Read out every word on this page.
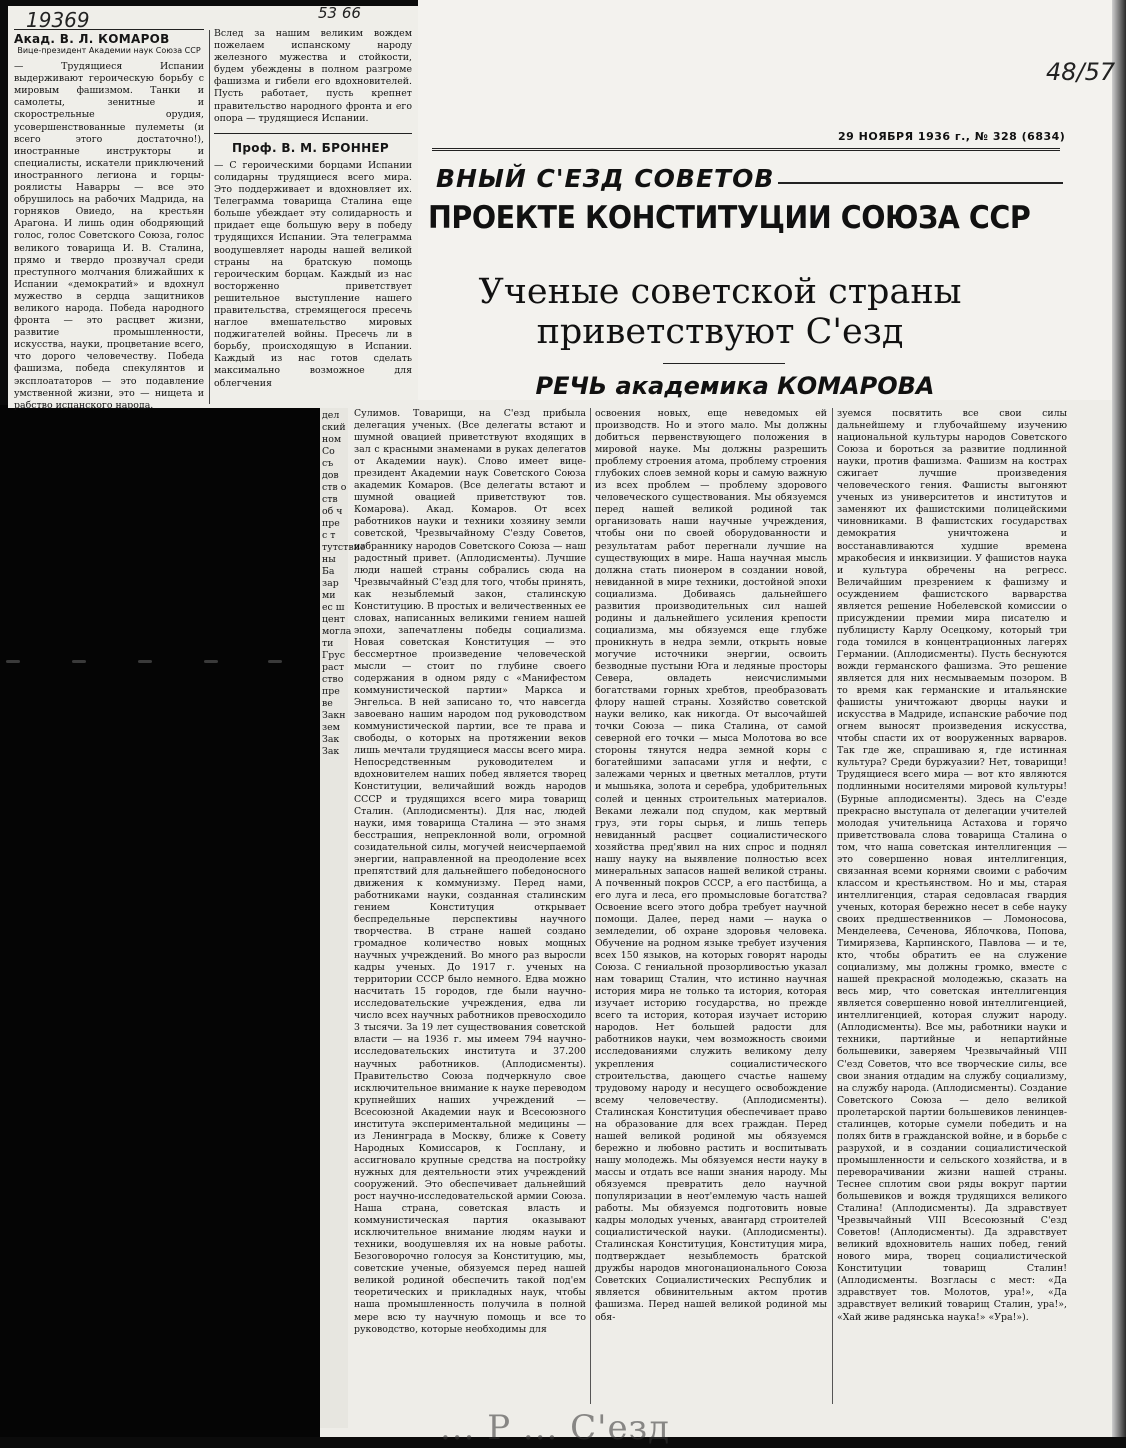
19369
Акад. В. Л. КОМАРОВ
Вице-президент Академии наук Союза ССР
— Трудящиеся Испании выдерживают героическую борьбу с мировым фашизмом. Танки и самолеты, зенитные и скорострельные орудия, усовершенствованные пулеметы (и всего этого достаточно!), иностранные инструкторы и специалисты, искатели приключений иностранного легиона и горцы-роялисты Наварры — все это обрушилось на рабочих Мадрида, на горняков Овиедо, на крестьян Арагона. И лишь один ободряющий голос, голос Советского Союза, голос великого товарища И. В. Сталина, прямо и твердо прозвучал среди преступного молчания ближайших к Испании «демократий» и вдохнул мужество в сердца защитников великого народа. Победа народного фронта — это расцвет жизни, развитие промышленности, искусства, науки, процветание всего, что дорого человечеству. Победа фашизма, победа спекулянтов и эксплоататоров — это подавление умственной жизни, это — нищета и рабство испанского народа.
53 66
Вслед за нашим великим вождем пожелаем испанскому народу железного мужества и стойкости, будем убеждены в полном разгроме фашизма и гибели его вдохновителей. Пусть работает, пусть крепнет правительство народного фронта и его опора — трудящиеся Испании.
Проф. В. М. БРОННЕР
— С героическими борцами Испании солидарны трудящиеся всего мира. Это поддерживает и вдохновляет их. Телеграмма товарища Сталина еще больше убеждает эту солидарность и придает еще большую веру в победу трудящихся Испании. Эта телеграмма воодушевляет народы нашей великой страны на братскую помощь героическим борцам. Каждый из нас восторженно приветствует решительное выступление нашего правительства, стремящегося пресечь наглое вмешательство мировых поджигателей войны. Пресечь ли в борьбу, происходящую в Испании. Каждый из нас готов сделать максимально возможное для облегчения
48/57
29 НОЯБРЯ 1936 г., № 328 (6834)
ВНЫЙ С'ЕЗД СОВЕТОВ
ПРОЕКТЕ КОНСТИТУЦИИ СОЮЗА ССР
Ученые советской страны
приветствуют С'езд
РЕЧЬ академика КОМАРОВА
дел ский ном Со съ дов ств о ств об ч пре с т тутствие ны Ба зар ми ес ш цент могла ти Грус раст ство пре ве Закн зем Зак Зак
Сулимов. Товарищи, на С'езд прибыла делегация ученых. (Все делегаты встают и шумной овацией приветствуют входящих в зал с красными знаменами в руках делегатов от Академии наук). Слово имеет вице-президент Академии наук Советского Союза академик Комаров. (Все делегаты встают и шумной овацией приветствуют тов. Комарова). Акад. Комаров. От всех работников науки и техники хозяину земли советской, Чрезвычайному С'езду Советов, избраннику народов Советского Союза — наш радостный привет. (Аплодисменты). Лучшие люди нашей страны собрались сюда на Чрезвычайный С'езд для того, чтобы принять, как незыблемый закон, сталинскую Конституцию. В простых и величественных ее словах, написанных великими гением нашей эпохи, запечатлены победы социализма. Новая советская Конституция — это бессмертное произведение человеческой мысли — стоит по глубине своего содержания в одном ряду с «Манифестом коммунистической партии» Маркса и Энгельса. В ней записано то, что навсегда завоевано нашим народом под руководством коммунистической партии, все те права и свободы, о которых на протяжении веков лишь мечтали трудящиеся массы всего мира. Непосредственным руководителем и вдохновителем наших побед является творец Конституции, величайший вождь народов СССР и трудящихся всего мира товарищ Сталин. (Аплодисменты). Для нас, людей науки, имя товарища Сталина — это знамя бесстрашия, непреклонной воли, огромной созидательной силы, могучей неисчерпаемой энергии, направленной на преодоление всех препятствий для дальнейшего победоносного движения к коммунизму. Перед нами, работниками науки, созданная сталинским гением Конституция открывает беспредельные перспективы научного творчества. В стране нашей создано громадное количество новых мощных научных учреждений. Во много раз выросли кадры ученых. До 1917 г. ученых на территории СССР было немного. Едва можно насчитать 15 городов, где были научно-исследовательские учреждения, едва ли число всех научных работников превосходило 3 тысячи. За 19 лет существования советской власти — на 1936 г. мы имеем 794 научно-исследовательских института и 37.200 научных работников. (Аплодисменты). Правительство Союза подчеркнуло свое исключительное внимание к науке переводом крупнейших наших учреждений — Всесоюзной Академии наук и Всесоюзного института экспериментальной медицины — из Ленинграда в Москву, ближе к Совету Народных Комиссаров, к Госплану, и ассигновало крупные средства на постройку нужных для деятельности этих учреждений сооружений. Это обеспечивает дальнейший рост научно-исследовательской армии Союза. Наша страна, советская власть и коммунистическая партия оказывают исключительное внимание людям науки и техники, воодушевляя их на новые работы. Безоговорочно голосуя за Конституцию, мы, советские ученые, обязуемся перед нашей великой родиной обеспечить такой под'ем теоретических и прикладных наук, чтобы наша промышленность получила в полной мере всю ту научную помощь и все то руководство, которые необходимы для
освоения новых, еще неведомых ей производств. Но и этого мало. Мы должны добиться первенствующего положения в мировой науке. Мы должны разрешить проблему строения атома, проблему строения глубоких слоев земной коры и самую важную из всех проблем — проблему здорового человеческого существования. Мы обязуемся перед нашей великой родиной так организовать наши научные учреждения, чтобы они по своей оборудованности и результатам работ перегнали лучшие на существующих в мире. Наша научная мысль должна стать пионером в создании новой, невиданной в мире техники, достойной эпохи социализма. Добиваясь дальнейшего развития производительных сил нашей родины и дальнейшего усиления крепости социализма, мы обязуемся еще глубже проникнуть в недра земли, открыть новые могучие источники энергии, освоить безводные пустыни Юга и ледяные просторы Севера, овладеть неисчислимыми богатствами горных хребтов, преобразовать флору нашей страны. Хозяйство советской науки велико, как никогда. От высочайшей точки Союза — пика Сталина, от самой северной его точки — мыса Молотова во все стороны тянутся недра земной коры с богатейшими запасами угля и нефти, с залежами черных и цветных металлов, ртути и мышьяка, золота и серебра, удобрительных солей и ценных строительных материалов. Веками лежали под спудом, как мертвый груз, эти горы сырья, и лишь теперь невиданный расцвет социалистического хозяйства пред'явил на них спрос и поднял нашу науку на выявление полностью всех минеральных запасов нашей великой страны. А почвенный покров СССР, а его пастбища, а его луга и леса, его промысловые богатства? Освоение всего этого добра требует научной помощи. Далее, перед нами — наука о земледелии, об охране здоровья человека. Обучение на родном языке требует изучения всех 150 языков, на которых говорят народы Союза. С гениальной прозорливостью указал нам товарищ Сталин, что истинно научная история мира не только та история, которая изучает историю государства, но прежде всего та история, которая изучает историю народов. Нет большей радости для работников науки, чем возможность своими исследованиями служить великому делу укрепления социалистического строительства, дающего счастье нашему трудовому народу и несущего освобождение всему человечеству. (Аплодисменты). Сталинская Конституция обеспечивает право на образование для всех граждан. Перед нашей великой родиной мы обязуемся бережно и любовно растить и воспитывать нашу молодежь. Мы обязуемся нести науку в массы и отдать все наши знания народу. Мы обязуемся превратить дело научной популяризации в неот'емлемую часть нашей работы. Мы обязуемся подготовить новые кадры молодых ученых, авангард строителей социалистической науки. (Аплодисменты). Сталинская Конституция, Конституция мира, подтверждает незыблемость братской дружбы народов многонационального Союза Советских Социалистических Республик и является обвинительным актом против фашизма. Перед нашей великой родиной мы обя-
зуемся посвятить все свои силы дальнейшему и глубочайшему изучению национальной культуры народов Советского Союза и бороться за развитие подлинной науки, против фашизма. Фашизм на кострах сжигает лучшие произведения человеческого гения. Фашисты выгоняют ученых из университетов и институтов и заменяют их фашистскими полицейскими чиновниками. В фашистских государствах демократия уничтожена и восстанавливаются худшие времена мракобесия и инквизиции. У фашистов наука и культура обречены на регресс. Величайшим презрением к фашизму и осуждением фашистского варварства является решение Нобелевской комиссии о присуждении премии мира писателю и публицисту Карлу Осецкому, который три года томился в концентрационных лагерях Германии. (Аплодисменты). Пусть беснуются вожди германского фашизма. Это решение является для них несмываемым позором. В то время как германские и итальянские фашисты уничтожают дворцы науки и искусства в Мадриде, испанские рабочие под огнем выносят произведения искусства, чтобы спасти их от вооруженных варваров. Так где же, спрашиваю я, где истинная культура? Среди буржуазии? Нет, товарищи! Трудящиеся всего мира — вот кто являются подлинными носителями мировой культуры! (Бурные аплодисменты). Здесь на С'езде прекрасно выступала от делегации учителей молодая учительница Астахова и горячо приветствовала слова товарища Сталина о том, что наша советская интеллигенция — это совершенно новая интеллигенция, связанная всеми корнями своими с рабочим классом и крестьянством. Но и мы, старая интеллигенция, старая седовласая гвардия ученых, которая бережно несет в себе науку своих предшественников — Ломоносова, Менделеева, Сеченова, Яблочкова, Попова, Тимирязева, Карпинского, Павлова — и те, кто, чтобы обратить ее на служение социализму, мы должны громко, вместе с нашей прекрасной молодежью, сказать на весь мир, что советская интеллигенция является совершенно новой интеллигенцией, интеллигенцией, которая служит народу. (Аплодисменты). Все мы, работники науки и техники, партийные и непартийные большевики, заверяем Чрезвычайный VIII С'езд Советов, что все творческие силы, все свои знания отдадим на службу социализму, на службу народа. (Аплодисменты). Создание Советского Союза — дело великой пролетарской партии большевиков ленинцев-сталинцев, которые сумели победить и на полях битв в гражданской войне, и в борьбе с разрухой, и в создании социалистической промышленности и сельского хозяйства, и в переворачивании жизни нашей страны. Теснее сплотим свои ряды вокруг партии большевиков и вождя трудящихся великого Сталина! (Аплодисменты). Да здравствует Чрезвычайный VIII Всесоюзный С'езд Советов! (Аплодисменты). Да здравствует великий вдохновитель наших побед, гений нового мира, творец социалистической Конституции товарищ Сталин! (Аплодисменты. Возгласы с мест: «Да здравствует тов. Молотов, ура!», «Да здравствует великий товарищ Сталин, ура!», «Хай живе радянська наука!» «Ура!»).
... Р ... С'езд
